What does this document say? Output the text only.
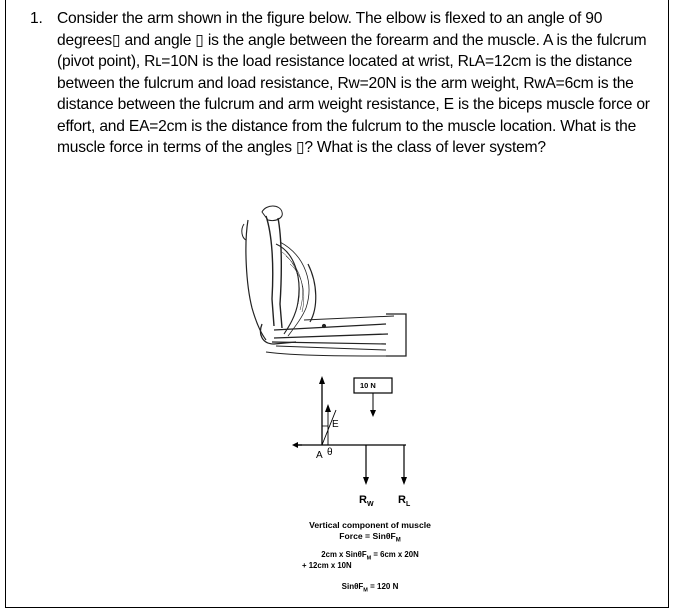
1. Consider the arm shown in the figure below. The elbow is flexed to an angle of 90 degrees▯ and angle ▯ is the angle between the forearm and the muscle. A is the fulcrum (pivot point), Rʟ=10N is the load resistance located at wrist, RʟA=12cm is the distance between the fulcrum and load resistance, Rw=20N is the arm weight, RwA=6cm is the distance between the fulcrum and arm weight resistance, E is the biceps muscle force or effort, and EA=2cm is the distance from the fulcrum to the muscle location. What is the muscle force in terms of the angles ▯? What is the class of lever system?
10 N
E
A θ
$R_W$ $R_L$
Vertical component of muscle
Force = SinθF$_M$
2cm x SinθF$_M$ = 6cm x 20N
+ 12cm x 10N
SinθF$_M$ = 120 N
